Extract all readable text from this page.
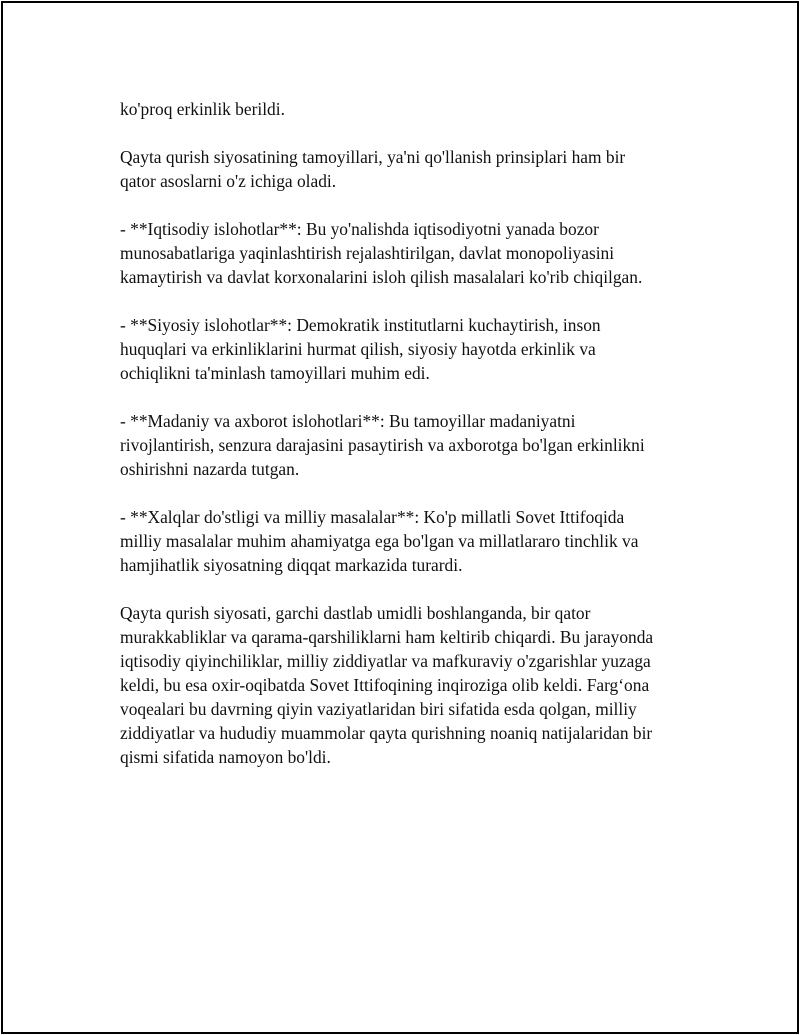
ko'proq erkinlik berildi.

Qayta qurish siyosatining tamoyillari, ya'ni qo'llanish prinsiplari ham bir
qator asoslarni o'z ichiga oladi.

- **Iqtisodiy islohotlar**: Bu yo'nalishda iqtisodiyotni yanada bozor
munosabatlariga yaqinlashtirish rejalashtirilgan, davlat monopoliyasini
kamaytirish va davlat korxonalarini isloh qilish masalalari ko'rib chiqilgan.

- **Siyosiy islohotlar**: Demokratik institutlarni kuchaytirish, inson
huquqlari va erkinliklarini hurmat qilish, siyosiy hayotda erkinlik va
ochiqlikni ta'minlash tamoyillari muhim edi.

- **Madaniy va axborot islohotlari**: Bu tamoyillar madaniyatni
rivojlantirish, senzura darajasini pasaytirish va axborotga bo'lgan erkinlikni
oshirishni nazarda tutgan.

- **Xalqlar do'stligi va milliy masalalar**: Ko'p millatli Sovet Ittifoqida
milliy masalalar muhim ahamiyatga ega bo'lgan va millatlararo tinchlik va
hamjihatlik siyosatning diqqat markazida turardi.

Qayta qurish siyosati, garchi dastlab umidli boshlanganda, bir qator
murakkabliklar va qarama-qarshiliklarni ham keltirib chiqardi. Bu jarayonda
iqtisodiy qiyinchiliklar, milliy ziddiyatlar va mafkuraviy o'zgarishlar yuzaga
keldi, bu esa oxir-oqibatda Sovet Ittifoqining inqiroziga olib keldi. Farg‘ona
voqealari bu davrning qiyin vaziyatlaridan biri sifatida esda qolgan, milliy
ziddiyatlar va hududiy muammolar qayta qurishning noaniq natijalaridan bir
qismi sifatida namoyon bo'ldi.
